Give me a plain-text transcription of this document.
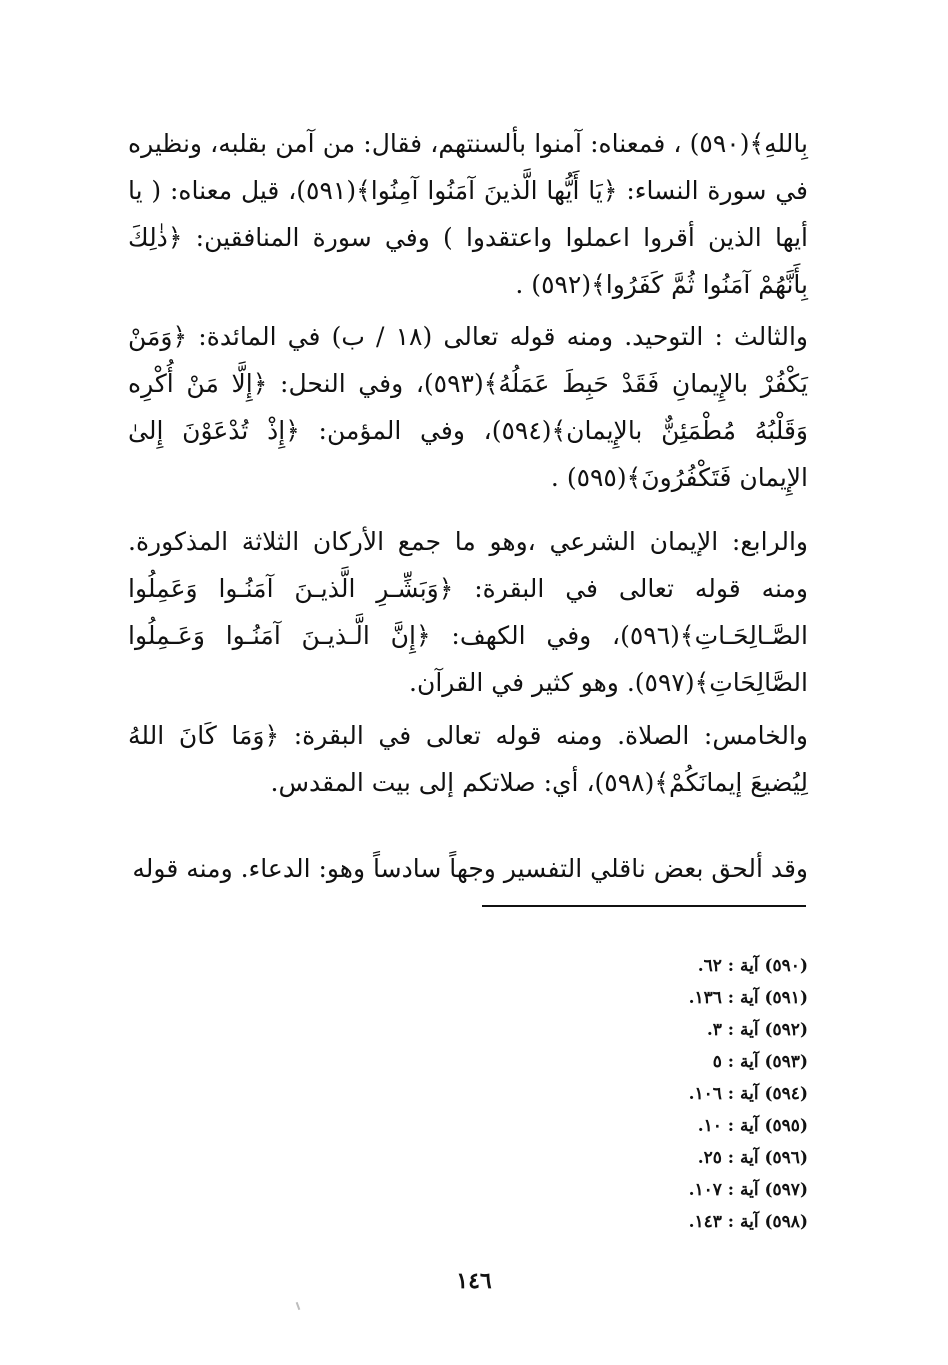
بِاللهِ﴾(٥٩٠) ، فمعناه: آمنوا بألسنتهم، فقال: من آمن بقلبه، ونظيره في سورة النساء: ﴿يَا أَيُّها الَّذينَ آمَنُوا آمِنُوا﴾(٥٩١)، قيل معناه: ( يا أيها الذين أقروا اعملوا واعتقدوا ) وفي سورة المنافقين: ﴿ذٰلِكَ بِأَنَّهُمْ آمَنُوا ثُمَّ كَفَرُوا﴾(٥٩٢) .

والثالث : التوحيد. ومنه قوله تعالى (١٨ / ب) في المائدة: ﴿وَمَنْ يَكْفُرْ بالإِيمانِ فَقَدْ حَبِطَ عَمَلُهُ﴾(٥٩٣)، وفي النحل: ﴿إِلَّا مَنْ أُكْرِه وَقَلْبُهُ مُطْمَئِنٌّ بالإِيمان﴾(٥٩٤)، وفي المؤمن: ﴿إِذْ تُدْعَوْنَ إِلىٰ الإِيمان فَتَكْفُرُونَ﴾(٥٩٥) .

والرابع: الإيمان الشرعي ،وهو ما جمع الأركان الثلاثة المذكورة. ومنه قوله تعالى في البقرة: ﴿وَبَشِّـرِ الَّذيـنَ آمَنُـوا وَعَمِلُوا الصَّـالِحَـاتِ﴾(٥٩٦)، وفي الكهف: ﴿إِنَّ الَّـذيـنَ آمَنُـوا وَعَـمِلُوا الصَّالِحَاتِ﴾(٥٩٧). وهو كثير في القرآن.

والخامس: الصلاة. ومنه قوله تعالى في البقرة: ﴿وَمَا كَانَ اللهُ لِيُضيعَ إيمانَكُمْ﴾(٥٩٨)، أي: صلاتكم إلى بيت المقدس.

وقد ألحق بعض ناقلي التفسير وجهاً سادساً وهو: الدعاء. ومنه قوله

(٥٩٠) آية : ٦٢.
(٥٩١) آية : ١٣٦.
(٥٩٢) آية : ٣.
(٥٩٣) آية : ٥
(٥٩٤) آية : ١٠٦.
(٥٩٥) آية : ١٠.
(٥٩٦) آية : ٢٥.
(٥٩٧) آية : ١٠٧.
(٥٩٨) آية : ١٤٣.
١٤٦
